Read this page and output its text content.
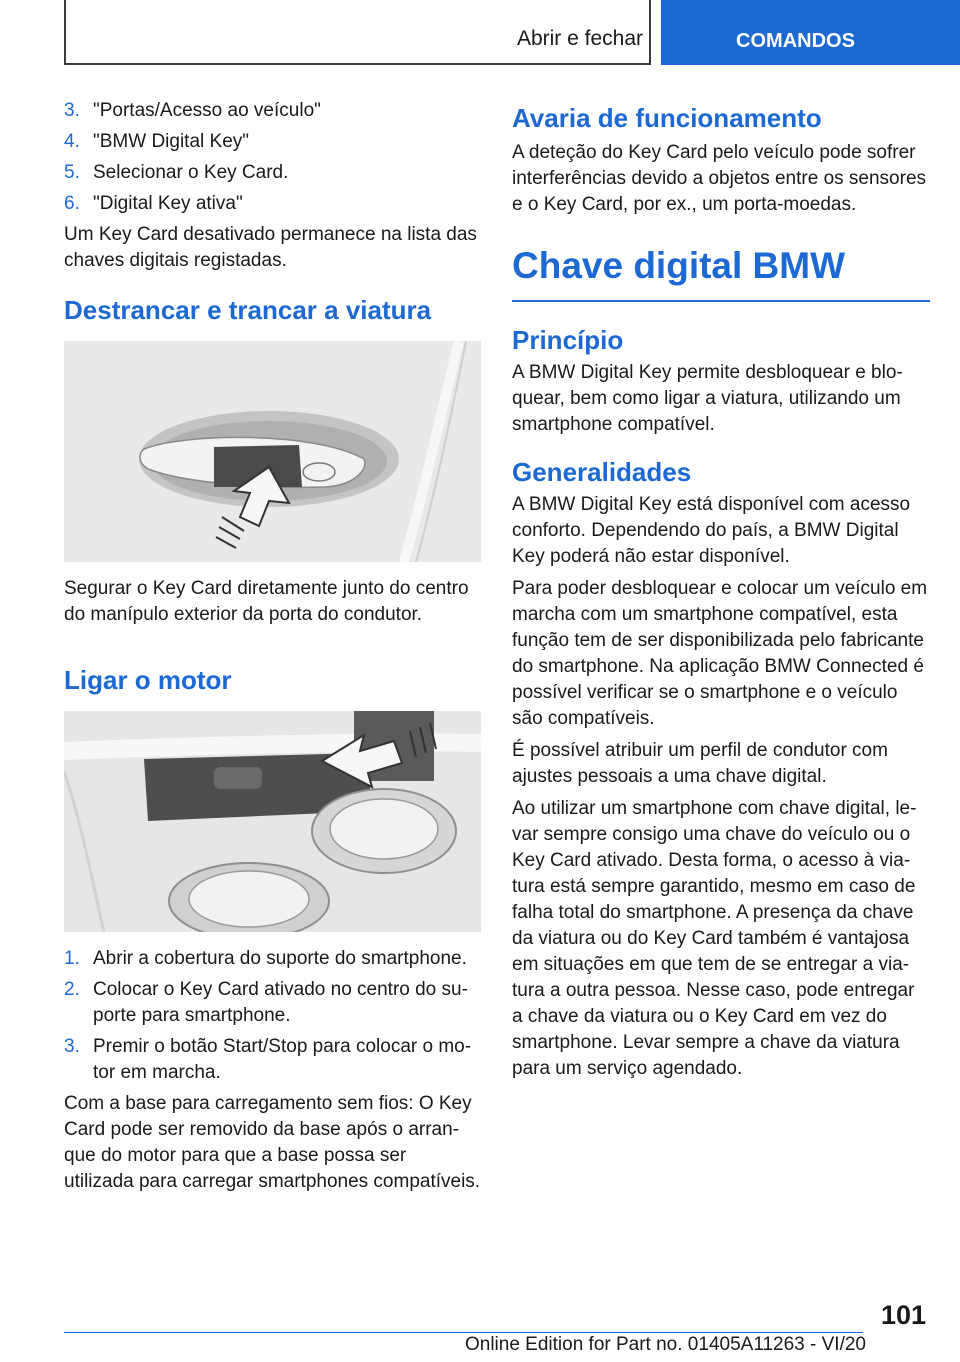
Abrir e fechar	COMANDOS
3. "Portas/Acesso ao veículo"
4. "BMW Digital Key"
5. Selecionar o Key Card.
6. "Digital Key ativa"

Um Key Card desativado permanece na lista das chaves digitais registadas.

Destrancar e trancar a viatura

Segurar o Key Card diretamente junto do centro do manípulo exterior da porta do condutor.

Ligar o motor
1. Abrir a cobertura do suporte do smartphone.
2. Colocar o Key Card ativado no centro do suporte para smartphone.
3. Premir o botão Start/Stop para colocar o motor em marcha.

Com a base para carregamento sem fios: O Key Card pode ser removido da base após o arranque do motor para que a base possa ser utilizada para carregar smartphones compatíveis.

Avaria de funcionamento

A deteção do Key Card pelo veículo pode sofrer interferências devido a objetos entre os sensores e o Key Card, por ex., um porta-moedas.

Chave digital BMW
Princípio

A BMW Digital Key permite desbloquear e bloquear, bem como ligar a viatura, utilizando um smartphone compatível.

Generalidades

A BMW Digital Key está disponível com acesso conforto. Dependendo do país, a BMW Digital Key poderá não estar disponível.

Para poder desbloquear e colocar um veículo em marcha com um smartphone compatível, esta função tem de ser disponibilizada pelo fabricante do smartphone. Na aplicação BMW Connected é possível verificar se o smartphone e o veículo são compatíveis.

É possível atribuir um perfil de condutor com ajustes pessoais a uma chave digital.

Ao utilizar um smartphone com chave digital, levar sempre consigo uma chave do veículo ou o Key Card ativado. Desta forma, o acesso à viatura está sempre garantido, mesmo em caso de falha total do smartphone. A presença da chave da viatura ou do Key Card também é vantajosa em situações em que tem de se entregar a viatura a outra pessoa. Nesse caso, pode entregar a chave da viatura ou o Key Card em vez do smartphone. Levar sempre a chave da viatura para um serviço agendado.

101
Online Edition for Part no. 01405A11263 - VI/20
